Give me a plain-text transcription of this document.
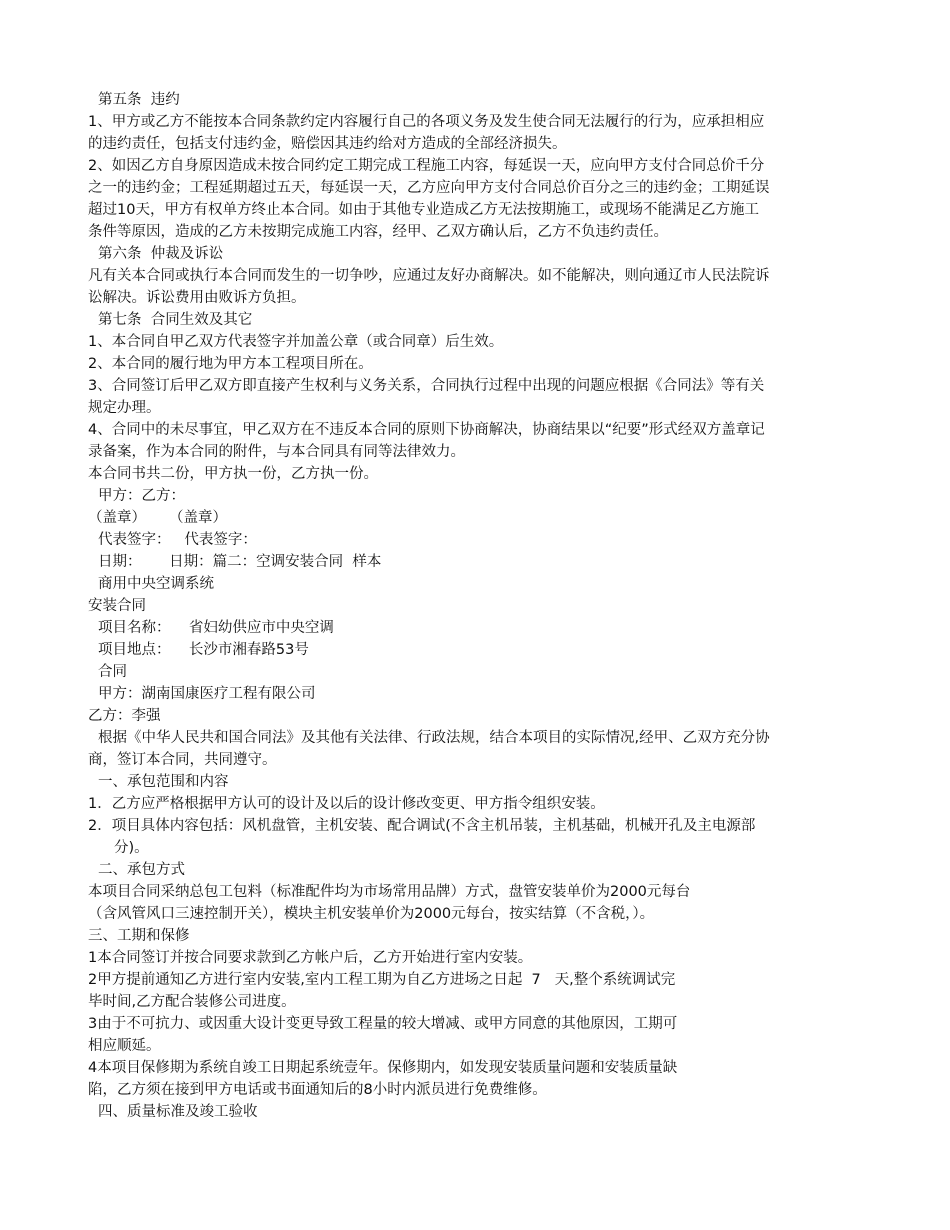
第五条  违约
1、甲方或乙方不能按本合同条款约定内容履行自己的各项义务及发生使合同无法履行的行为，应承担相应
的违约责任，包括支付违约金，赔偿因其违约给对方造成的全部经济损失。
2、如因乙方自身原因造成未按合同约定工期完成工程施工内容，每延误一天，应向甲方支付合同总价千分
之一的违约金；工程延期超过五天，每延误一天，乙方应向甲方支付合同总价百分之三的违约金；工期延误
超过10天，甲方有权单方终止本合同。如由于其他专业造成乙方无法按期施工，或现场不能满足乙方施工
条件等原因，造成的乙方未按期完成施工内容，经甲、乙双方确认后，乙方不负违约责任。
第六条  仲裁及诉讼
凡有关本合同或执行本合同而发生的一切争吵，应通过友好办商解决。如不能解决，则向通辽市人民法院诉
讼解决。诉讼费用由败诉方负担。
第七条  合同生效及其它
1、本合同自甲乙双方代表签字并加盖公章（或合同章）后生效。
2、本合同的履行地为甲方本工程项目所在。
3、合同签订后甲乙双方即直接产生权利与义务关系，合同执行过程中出现的问题应根据《合同法》等有关
规定办理。
4、合同中的未尽事宜，甲乙双方在不违反本合同的原则下协商解决，协商结果以“纪要”形式经双方盖章记
录备案，作为本合同的附件，与本合同具有同等法律效力。
本合同书共二份，甲方执一份，乙方执一份。
甲方：乙方：
（盖章）     （盖章）
代表签字：   代表签字：
日期：      日期：篇二：空调安装合同  样本
商用中央空调系统
安装合同
项目名称：    省妇幼供应市中央空调
项目地点：    长沙市湘春路53号
合同
甲方：湖南国康医疗工程有限公司
乙方：李强
根据《中华人民共和国合同法》及其他有关法律、行政法规，结合本项目的实际情况,经甲、乙双方充分协
商，签订本合同，共同遵守。
一、承包范围和内容
1．乙方应严格根据甲方认可的设计及以后的设计修改变更、甲方指令组织安装。
2．项目具体内容包括：风机盘管，主机安装、配合调试(不含主机吊装，主机基础，机械开孔及主电源部
分)。
二、承包方式
本项目合同采纳总包工包料（标准配件均为市场常用品牌）方式，盘管安装单价为2000元每台
（含风管风口三速控制开关），模块主机安装单价为2000元每台，按实结算（不含税，）。
三、工期和保修
1本合同签订并按合同要求款到乙方帐户后，乙方开始进行室内安装。
2甲方提前通知乙方进行室内安装,室内工程工期为自乙方进场之日起  7   天,整个系统调试完
毕时间,乙方配合装修公司进度。
3由于不可抗力、或因重大设计变更导致工程量的较大增减、或甲方同意的其他原因，工期可
相应顺延。
4本项目保修期为系统自竣工日期起系统壹年。保修期内，如发现安装质量问题和安装质量缺
陷，乙方须在接到甲方电话或书面通知后的8小时内派员进行免费维修。
四、质量标准及竣工验收
